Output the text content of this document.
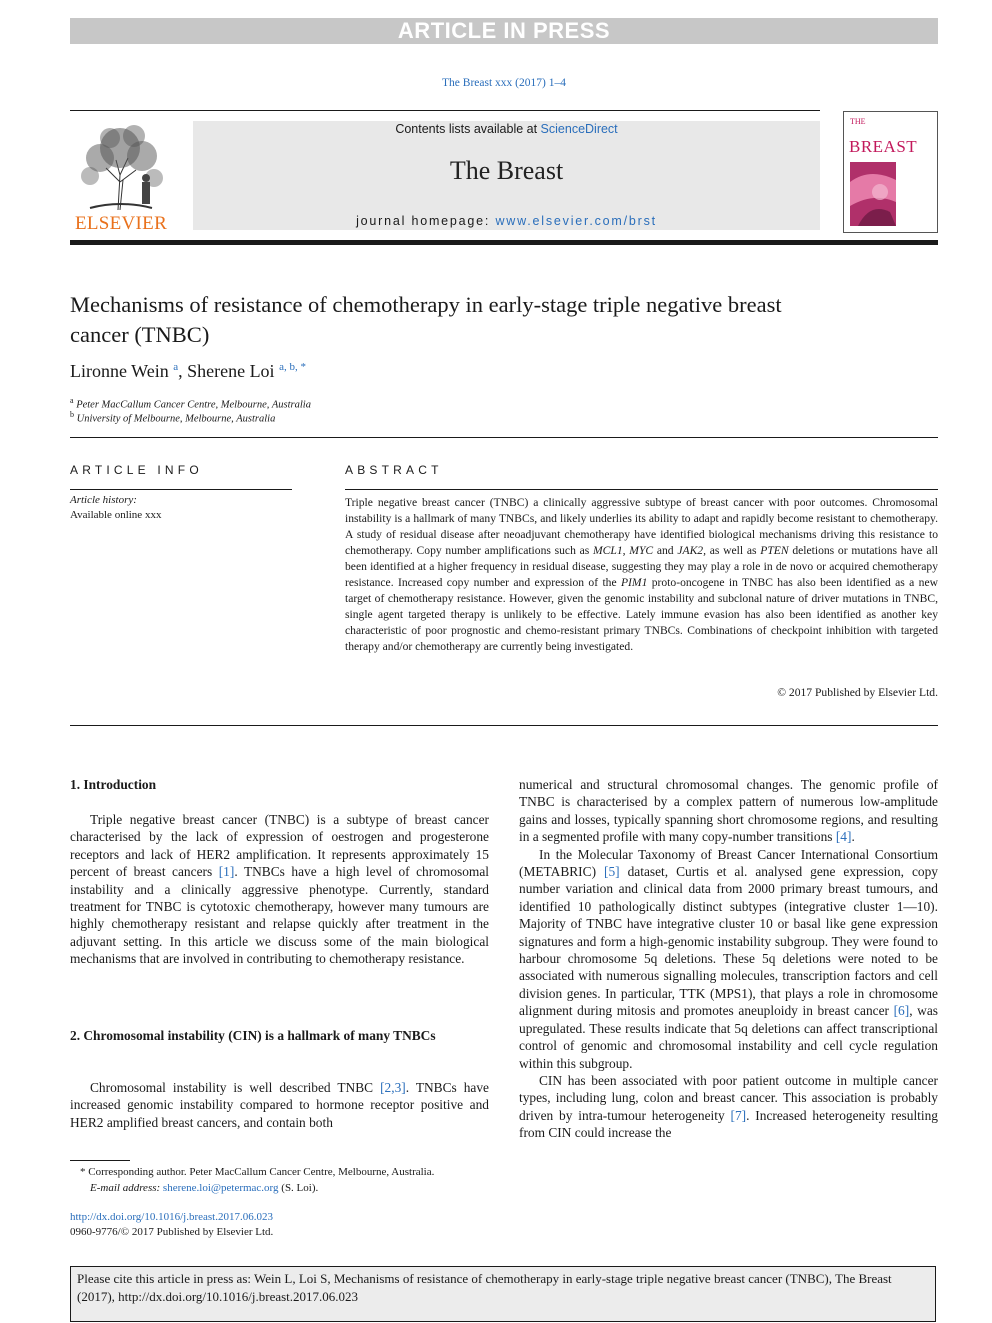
ARTICLE IN PRESS
The Breast xxx (2017) 1–4
ELSEVIER
Contents lists available at ScienceDirect
The Breast
journal homepage: www.elsevier.com/brst
THE
BREAST
Mechanisms of resistance of chemotherapy in early-stage triple negative breast cancer (TNBC)
Lironne Wein $^a$, Sherene Loi $^{a, b, *}$
$^a$ Peter MacCallum Cancer Centre, Melbourne, Australia
$^b$ University of Melbourne, Melbourne, Australia
ARTICLE INFO
Article history:
Available online xxx
ABSTRACT
Triple negative breast cancer (TNBC) a clinically aggressive subtype of breast cancer with poor outcomes. Chromosomal instability is a hallmark of many TNBCs, and likely underlies its ability to adapt and rapidly become resistant to chemotherapy. A study of residual disease after neoadjuvant chemotherapy have identified biological mechanisms driving this resistance to chemotherapy. Copy number amplifications such as MCL1, MYC and JAK2, as well as PTEN deletions or mutations have all been identified at a higher frequency in residual disease, suggesting they may play a role in de novo or acquired chemotherapy resistance. Increased copy number and expression of the PIM1 proto-oncogene in TNBC has also been identified as a new target of chemotherapy resistance. However, given the genomic instability and subclonal nature of driver mutations in TNBC, single agent targeted therapy is unlikely to be effective. Lately immune evasion has also been identified as another key characteristic of poor prognostic and chemo-resistant primary TNBCs. Combinations of checkpoint inhibition with targeted therapy and/or chemotherapy are currently being investigated.
© 2017 Published by Elsevier Ltd.
1. Introduction

Triple negative breast cancer (TNBC) is a subtype of breast cancer characterised by the lack of expression of oestrogen and progesterone receptors and lack of HER2 amplification. It represents approximately 15 percent of breast cancers [1]. TNBCs have a high level of chromosomal instability and a clinically aggressive phenotype. Currently, standard treatment for TNBC is cytotoxic chemotherapy, however many tumours are highly chemotherapy resistant and relapse quickly after treatment in the adjuvant setting. In this article we discuss some of the main biological mechanisms that are involved in contributing to chemotherapy resistance.

2. Chromosomal instability (CIN) is a hallmark of many TNBCs

Chromosomal instability is well described TNBC [2,3]. TNBCs have increased genomic instability compared to hormone receptor positive and HER2 amplified breast cancers, and contain both

numerical and structural chromosomal changes. The genomic profile of TNBC is characterised by a complex pattern of numerous low-amplitude gains and losses, typically spanning short chromosome regions, and resulting in a segmented profile with many copy-number transitions [4].

In the Molecular Taxonomy of Breast Cancer International Consortium (METABRIC) [5] dataset, Curtis et al. analysed gene expression, copy number variation and clinical data from 2000 primary breast tumours, and identified 10 pathologically distinct subtypes (integrative cluster 1—10). Majority of TNBC have integrative cluster 10 or basal like gene expression signatures and form a high-genomic instability subgroup. They were found to harbour chromosome 5q deletions. These 5q deletions were noted to be associated with numerous signalling molecules, transcription factors and cell division genes. In particular, TTK (MPS1), that plays a role in chromosome alignment during mitosis and promotes aneuploidy in breast cancer [6], was upregulated. These results indicate that 5q deletions can affect transcriptional control of genomic and chromosomal instability and cell cycle regulation within this subgroup.

CIN has been associated with poor patient outcome in multiple cancer types, including lung, colon and breast cancer. This association is probably driven by intra-tumour heterogeneity [7]. Increased heterogeneity resulting from CIN could increase the

* Corresponding author. Peter MacCallum Cancer Centre, Melbourne, Australia.
E-mail address: sherene.loi@petermac.org (S. Loi).
http://dx.doi.org/10.1016/j.breast.2017.06.023
0960-9776/© 2017 Published by Elsevier Ltd.
Please cite this article in press as: Wein L, Loi S, Mechanisms of resistance of chemotherapy in early-stage triple negative breast cancer (TNBC), The Breast (2017), http://dx.doi.org/10.1016/j.breast.2017.06.023
